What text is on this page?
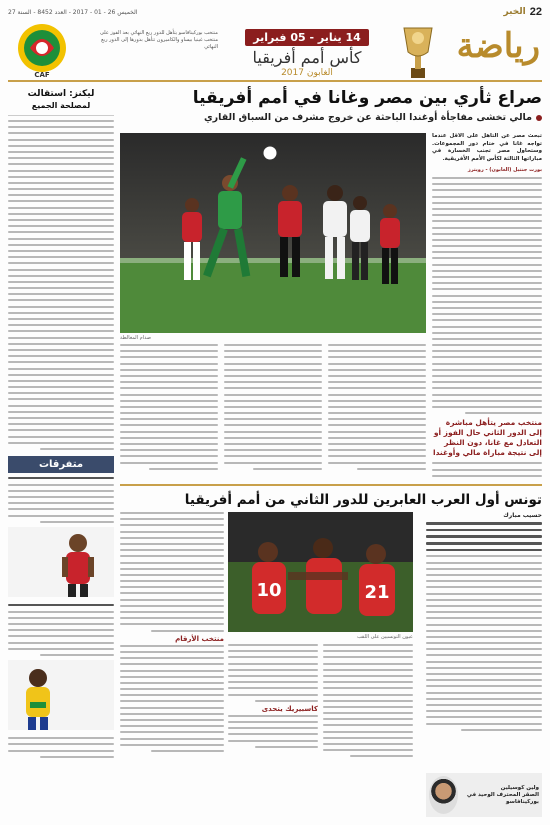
22
الخبر
الخميس 26 - 01 - 2017 - العدد 8452 - السنة 27
رياضة
14 يناير - 05 فبراير
كأس أمم أفريقيا
الغابون 2017
منتخب بوركينافاسو يتأهل للدور ربع النهائي بعد الفوز على منتخب غينيا بيساو والكاميرون تتأهل بدورها إلى الدور ربع النهائي
CAF
ليكنز: استقالت
لمصلحة الجميع
متفرقات
صراع ثأري بين مصر وغانا في أمم أفريقيا
مالي تخشى مفاجأة أوغندا الباحثة عن خروج مشرف من السباق القاري
صدام المغالطة
تبحث مصر عن التأهل على الأقل عندما تواجه غانا في ختام دور المجموعات. وستحاول مصر تجنب الخسارة في مباراتها الثالثة لكأس الأمم الأفريقية.
بورت جنتيل (الغابون) - رويترز
منتخب مصر يتأهل مباشرة إلى الدور الثاني حال الفوز أو التعادل مع غانا، دون النظر إلى نتيجة مباراة مالي وأوغندا
تونس أول العرب العابرين للدور الثاني من أمم أفريقيا
حسيب مبارك
ولين كوسيلين
الصقر المحترف الوحيد في بوركينافاسو
10	21
عيون التونسيين على اللقب
منتخب الأرقام
كاسبيريك يتحدى
